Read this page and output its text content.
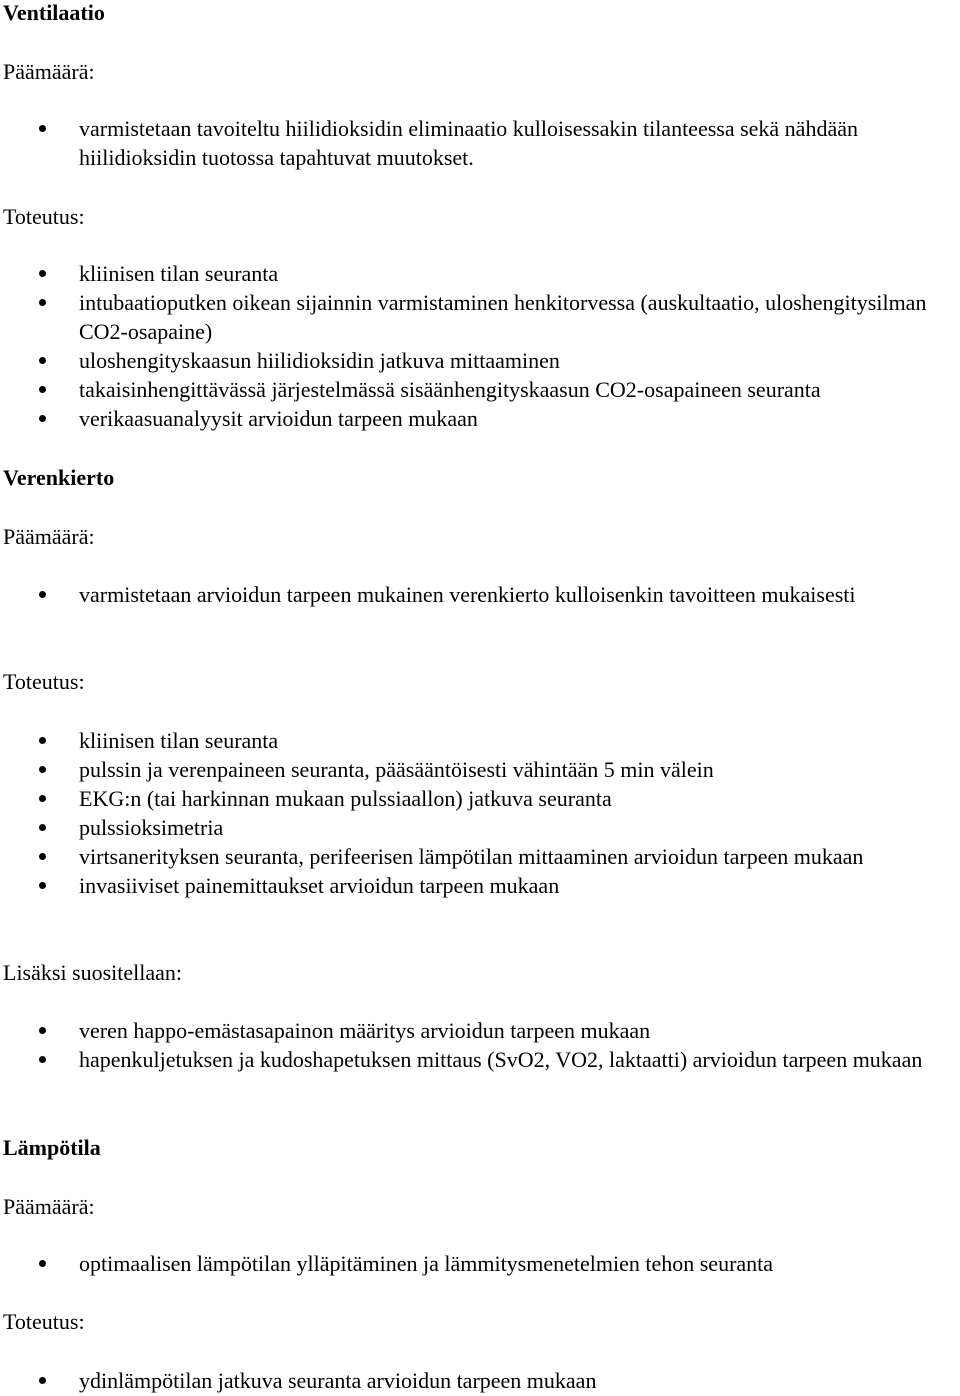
Ventilaatio
Päämäärä:
varmistetaan tavoiteltu hiilidioksidin eliminaatio kulloisessakin tilanteessa sekä nähdään hiilidioksidin tuotossa tapahtuvat muutokset.
Toteutus:
kliinisen tilan seuranta
intubaatioputken oikean sijainnin varmistaminen henkitorvessa (auskultaatio, uloshengitysilman CO2-osapaine)
uloshengityskaasun hiilidioksidin jatkuva mittaaminen
takaisinhengittävässä järjestelmässä sisäänhengityskaasun CO2-osapaineen seuranta
verikaasuanalyysit arvioidun tarpeen mukaan
Verenkierto
Päämäärä:
varmistetaan arvioidun tarpeen mukainen verenkierto kulloisenkin tavoitteen mukaisesti
Toteutus:
kliinisen tilan seuranta
pulssin ja verenpaineen seuranta, pääsääntöisesti vähintään 5 min välein
EKG:n (tai harkinnan mukaan pulssiaallon) jatkuva seuranta
pulssioksimetria
virtsanerityksen seuranta, perifeerisen lämpötilan mittaaminen arvioidun tarpeen mukaan
invasiiviset painemittaukset arvioidun tarpeen mukaan
Lisäksi suositellaan:
veren happo-emästasapainon määritys arvioidun tarpeen mukaan
hapenkuljetuksen ja kudoshapetuksen mittaus (SvO2, VO2, laktaatti) arvioidun tarpeen mukaan
Lämpötila
Päämäärä:
optimaalisen lämpötilan ylläpitäminen ja lämmitysmenetelmien tehon seuranta
Toteutus:
ydinlämpötilan jatkuva seuranta arvioidun tarpeen mukaan
